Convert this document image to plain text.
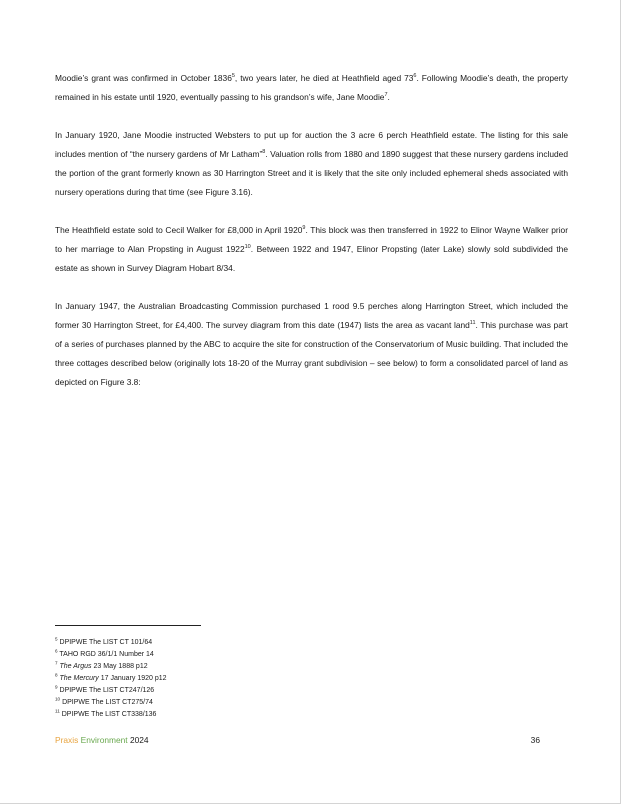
Moodie’s grant was confirmed in October 1836$^5$, two years later, he died at Heathfield aged $73^6$. Following Moodie’s death, the property remained in his estate until 1920, eventually passing to his grandson’s wife, Jane Moodie$^7$.

In January 1920, Jane Moodie instructed Websters to put up for auction the 3 acre 6 perch Heathfield estate. The listing for this sale includes mention of “the nursery gardens of Mr Latham”$^8$. Valuation rolls from 1880 and 1890 suggest that these nursery gardens included the portion of the grant formerly known as 30 Harrington Street and it is likely that the site only included ephemeral sheds associated with nursery operations during that time (see Figure 3.16).

The Heathfield estate sold to Cecil Walker for £8,000 in April 1920$^9$. This block was then transferred in 1922 to Elinor Wayne Walker prior to her marriage to Alan Propsting in August 1922$^{10}$. Between 1922 and 1947, Elinor Propsting (later Lake) slowly sold subdivided the estate as shown in Survey Diagram Hobart 8/34.

In January 1947, the Australian Broadcasting Commission purchased 1 rood 9.5 perches along Harrington Street, which included the former 30 Harrington Street, for £4,400. The survey diagram from this date (1947) lists the area as vacant land$^{11}$. This purchase was part of a series of purchases planned by the ABC to acquire the site for construction of the Conservatorium of Music building. That included the three cottages described below (originally lots 18-20 of the Murray grant subdivision – see below) to form a consolidated parcel of land as depicted on Figure 3.8:

$^5$ DPIPWE The LIST CT 101/64
$^6$ TAHO RGD 36/1/1 Number 14
$^7$ The Argus 23 May 1888 p12
$^8$ The Mercury 17 January 1920 p12
$^9$ DPIPWE The LIST CT247/126
$^{10}$ DPIPWE The LIST CT275/74
$^{11}$ DPIPWE The LIST CT338/136
Praxis Environment 2024	36
